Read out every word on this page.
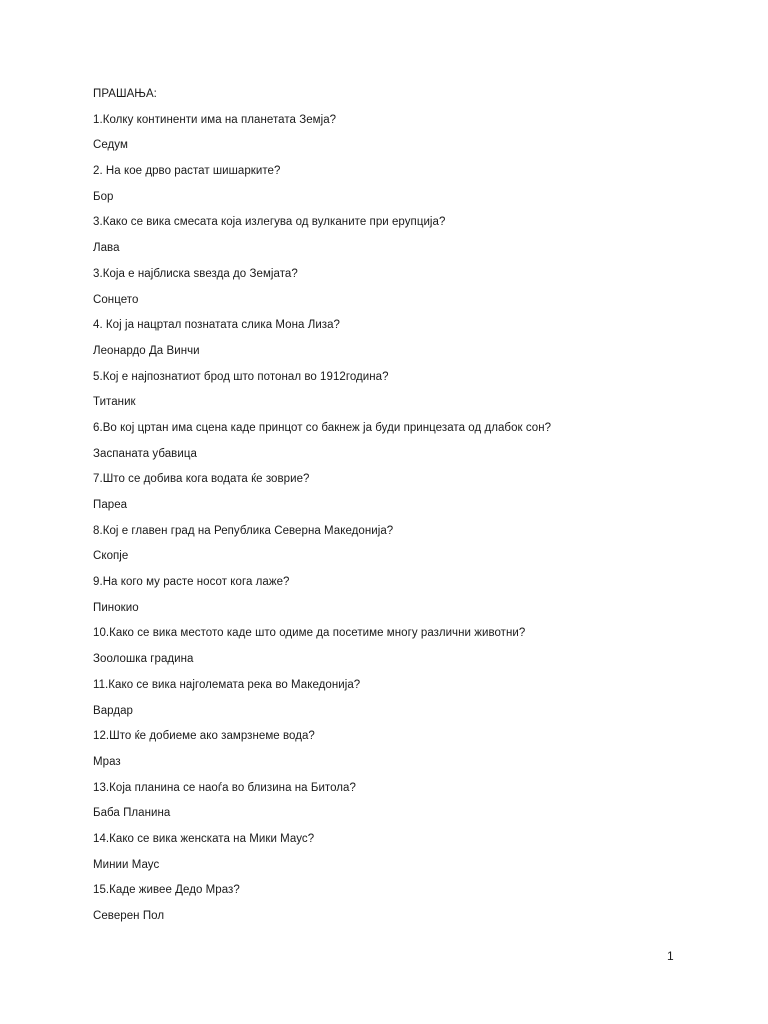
ПРАШАЊА:
1.Колку континенти има на планетата Земја?
Седум
2. На кое дрво растат шишарките?
Бор
3.Како се вика смесата која излегува од вулканите при ерупција?
Лава
3.Која е најблиска ѕвезда до Земјата?
Сонцето
4. Кој ја нацртал познатата слика Мона Лиза?
Леонардо Да Винчи
5.Кој е најпознатиот брод што потонал во 1912година?
Титаник
6.Во кој цртан има сцена каде принцот со бакнеж ја буди принцезата од длабок сон?
Заспаната убавица
7.Што се добива кога водата ќе зоврие?
Пареа
8.Кој е главен град на Република Северна Македонија?
Скопје
9.На кого му расте носот кога лаже?
Пинокио
10.Како се вика местото каде што одиме да посетиме многу различни животни?
Зоолошка градина
11.Како се вика најголемата река во Македонија?
Вардар
12.Што ќе добиеме ако замрзнеме вода?
Мраз
13.Која планина се наоѓа во близина на Битола?
Баба Планина
14.Како се вика женската на Мики Маус?
Минии Маус
15.Каде живее Дедо Мраз?
Северен Пол
1
